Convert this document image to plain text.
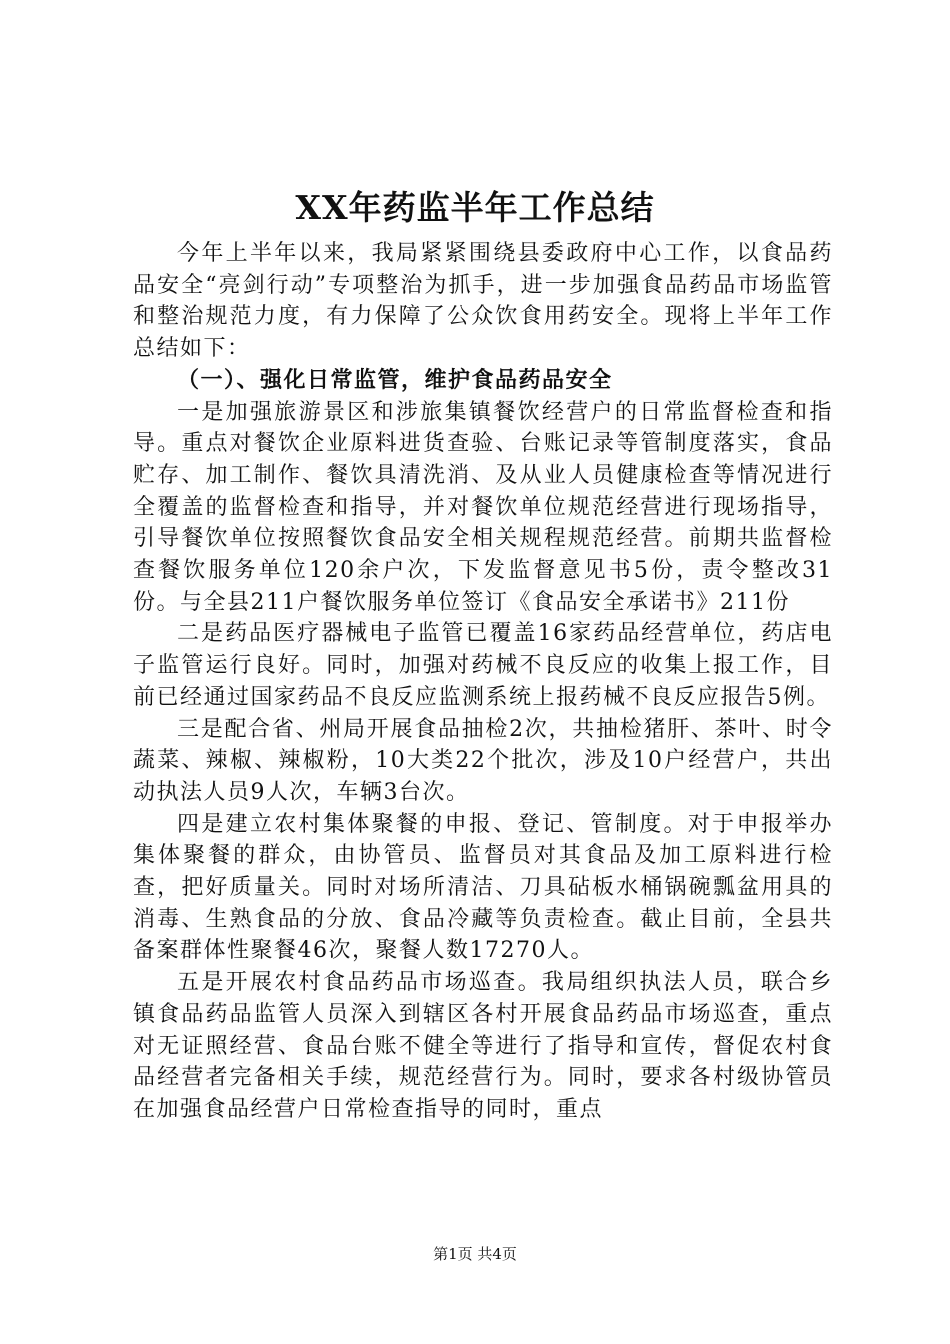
XX年药监半年工作总结

今年上半年以来，我局紧紧围绕县委政府中心工作，以食品药品安全“亮剑行动”专项整治为抓手，进一步加强食品药品市场监管和整治规范力度，有力保障了公众饮食用药安全。现将上半年工作总结如下：

（一）、强化日常监管，维护食品药品安全

一是加强旅游景区和涉旅集镇餐饮经营户的日常监督检查和指导。重点对餐饮企业原料进货查验、台账记录等管制度落实，食品贮存、加工制作、餐饮具清洗消、及从业人员健康检查等情况进行全覆盖的监督检查和指导，并对餐饮单位规范经营进行现场指导，引导餐饮单位按照餐饮食品安全相关规程规范经营。前期共监督检查餐饮服务单位120余户次，下发监督意见书5份，责令整改31份。与全县211户餐饮服务单位签订《食品安全承诺书》211份

二是药品医疗器械电子监管已覆盖16家药品经营单位，药店电子监管运行良好。同时，加强对药械不良反应的收集上报工作，目前已经通过国家药品不良反应监测系统上报药械不良反应报告5例。

三是配合省、州局开展食品抽检2次，共抽检猪肝、茶叶、时令蔬菜、辣椒、辣椒粉，10大类22个批次，涉及10户经营户，共出动执法人员9人次，车辆3台次。

四是建立农村集体聚餐的申报、登记、管制度。对于申报举办集体聚餐的群众，由协管员、监督员对其食品及加工原料进行检查，把好质量关。同时对场所清洁、刀具砧板水桶锅碗瓢盆用具的消毒、生熟食品的分放、食品冷藏等负责检查。截止目前，全县共备案群体性聚餐46次，聚餐人数17270人。

五是开展农村食品药品市场巡查。我局组织执法人员，联合乡镇食品药品监管人员深入到辖区各村开展食品药品市场巡查，重点对无证照经营、食品台账不健全等进行了指导和宣传，督促农村食品经营者完备相关手续，规范经营行为。同时，要求各村级协管员在加强食品经营户日常检查指导的同时，重点

第1页 共4页
